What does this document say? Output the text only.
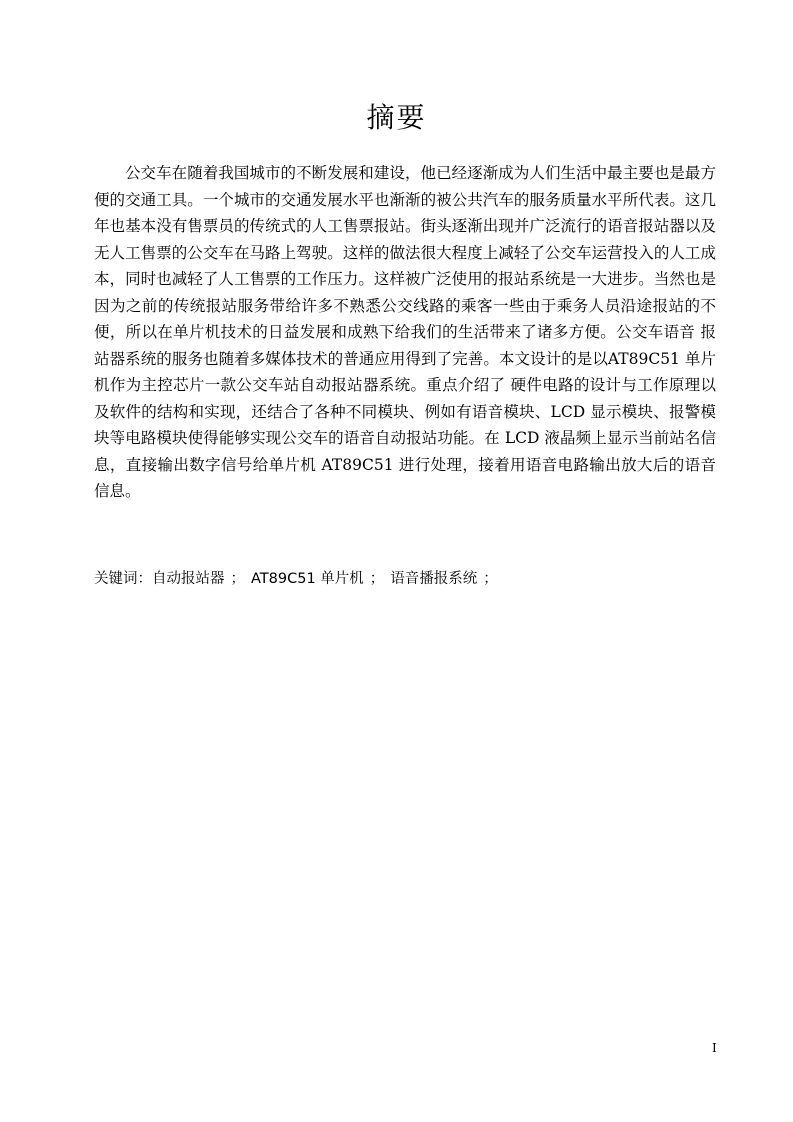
摘要

公交车在随着我国城市的不断发展和建设，他已经逐渐成为人们生活中最主要也是最方便的交通工具。一个城市的交通发展水平也渐渐的被公共汽车的服务质量水平所代表。这几年也基本没有售票员的传统式的人工售票报站。街头逐渐出现并广泛流行的语音报站器以及无人工售票的公交车在马路上驾驶。这样的做法很大程度上减轻了公交车运营投入的人工成本，同时也减轻了人工售票的工作压力。这样被广泛使用的报站系统是一大进步。当然也是因为之前的传统报站服务带给许多不熟悉公交线路的乘客一些由于乘务人员沿途报站的不便，所以在单片机技术的日益发展和成熟下给我们的生活带来了诸多方便。公交车语音 报站器系统的服务也随着多媒体技术的普通应用得到了完善。本文设计的是以AT89C51 单片机作为主控芯片一款公交车站自动报站器系统。重点介绍了 硬件电路的设计与工作原理以及软件的结构和实现，还结合了各种不同模块、例如有语音模块、LCD 显示模块、报警模块等电路模块使得能够实现公交车的语音自动报站功能。在 LCD 液晶频上显示当前站名信息，直接输出数字信号给单片机 AT89C51 进行处理，接着用语音电路输出放大后的语音信息。

关键词：自动报站器 ； AT89C51 单片机 ； 语音播报系统 ；
I
